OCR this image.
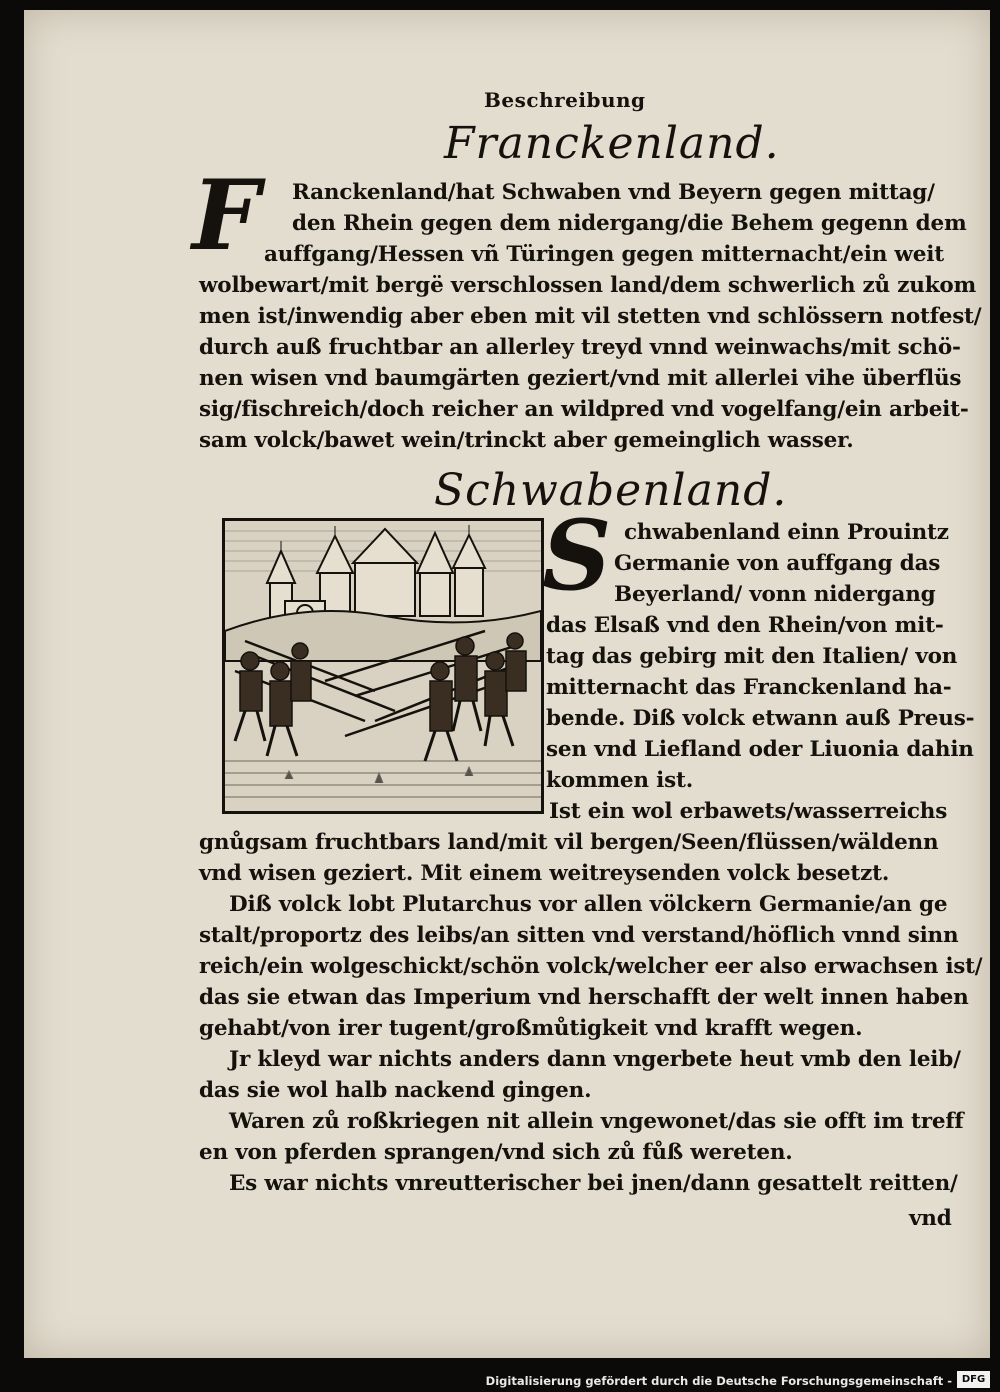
Beschreibung
Franckenland.
F Ranckenland/hat Schwaben vnd Beyern gegen mittag/
den Rhein gegen dem nidergang/die Behem gegenn dem
auffgang/Hessen vñ Türingen gegen mitternacht/ein weit
wolbewart/mit bergë verschlossen land/dem schwerlich zů zukom
men ist/inwendig aber eben mit vil stetten vnd schlössern notfest/
durch auß fruchtbar an allerley treyd vnnd weinwachs/mit schö-
nen wisen vnd baumgärten geziert/vnd mit allerlei vihe überflüs
sig/fischreich/doch reicher an wildpred vnd vogelfang/ein arbeit-
sam volck/bawet wein/trinckt aber gemeinglich wasser.
Schwabenland.
S chwabenland einn Prouintz
Germanie von auffgang das
Beyerland/ vonn nidergang
das Elsaß vnd den Rhein/von mit-
tag das gebirg mit den Italien/ von
mitternacht das Franckenland ha-
bende. Diß volck etwann auß Preus-
sen vnd Liefland oder Liuonia dahin
kommen ist.
Ist ein wol erbawets/wasserreichs
gnůgsam fruchtbars land/mit vil bergen/Seen/flüssen/wäldenn
vnd wisen geziert. Mit einem weitreysenden volck besetzt.
Diß volck lobt Plutarchus vor allen völckern Germanie/an ge
stalt/proportz des leibs/an sitten vnd verstand/höflich vnnd sinn
reich/ein wolgeschickt/schön volck/welcher eer also erwachsen ist/
das sie etwan das Imperium vnd herschafft der welt innen haben
gehabt/von irer tugent/großmůtigkeit vnd krafft wegen.
Jr kleyd war nichts anders dann vngerbete heut vmb den leib/
das sie wol halb nackend gingen.
Waren zů roßkriegen nit allein vngewonet/das sie offt im treff
en von pferden sprangen/vnd sich zů fůß wereten.
Es war nichts vnreutterischer bei jnen/dann gesattelt reitten/
vnd
Digitalisierung gefördert durch die Deutsche Forschungsgemeinschaft - DFG
